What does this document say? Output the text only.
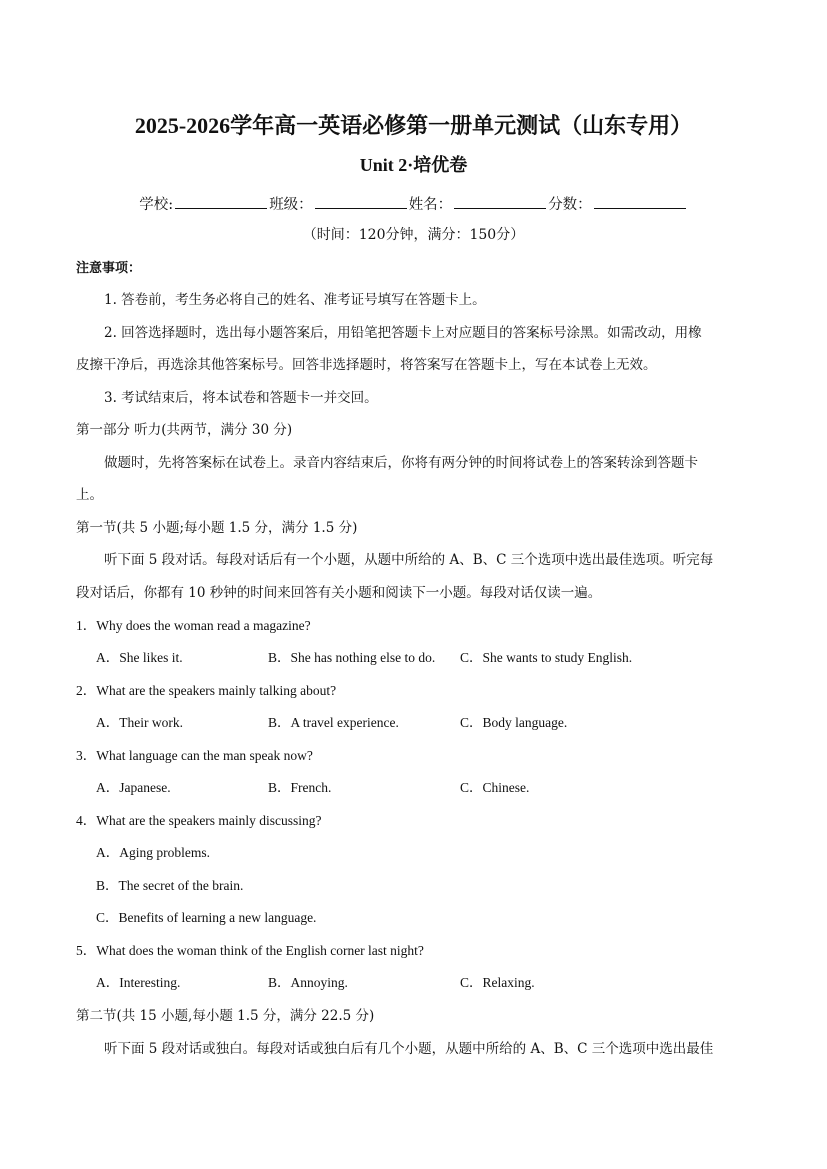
2025-2026学年高一英语必修第一册单元测试（山东专用）
Unit 2·培优卷
学校:	班级：	姓名：	分数：
（时间：120分钟，满分：150分）
注意事项：
1. 答卷前，考生务必将自己的姓名、准考证号填写在答题卡上。
2. 回答选择题时，选出每小题答案后，用铅笔把答题卡上对应题目的答案标号涂黑。如需改动，用橡
皮擦干净后，再选涂其他答案标号。回答非选择题时，将答案写在答题卡上，写在本试卷上无效。
3. 考试结束后，将本试卷和答题卡一并交回。
第一部分 听力(共两节，满分 30 分)
做题时，先将答案标在试卷上。录音内容结束后，你将有两分钟的时间将试卷上的答案转涂到答题卡
上。
第一节(共 5 小题;每小题 1.5 分，满分 1.5 分)
听下面 5 段对话。每段对话后有一个小题，从题中所给的 A、B、C 三个选项中选出最佳选项。听完每
段对话后，你都有 10 秒钟的时间来回答有关小题和阅读下一小题。每段对话仅读一遍。
1．Why does the woman read a magazine?
A．She likes it.	B．She has nothing else to do. C．She wants to study English.
2．What are the speakers mainly talking about?
A．Their work.	B．A travel experience.	C．Body language.
3．What language can the man speak now?
A．Japanese.	B．French.	C．Chinese.
4．What are the speakers mainly discussing?
A．Aging problems.
B．The secret of the brain.
C．Benefits of learning a new language.
5．What does the woman think of the English corner last night?
A．Interesting.	B．Annoying.	C．Relaxing.
第二节(共 15 小题,每小题 1.5 分，满分 22.5 分)
听下面 5 段对话或独白。每段对话或独白后有几个小题，从题中所给的 A、B、C 三个选项中选出最佳
